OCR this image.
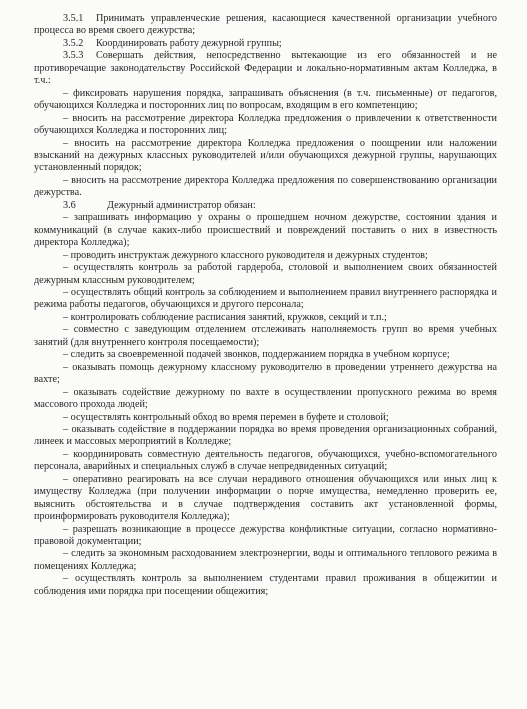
3.5.1 Принимать управленческие решения, касающиеся качественной организации учебного процесса во время своего дежурства;

3.5.2 Координировать работу дежурной группы;

3.5.3 Совершать действия, непосредственно вытекающие из его обязанностей и не противоречащие законодательству Российской Федерации и локально-нормативным актам Колледжа, в т.ч.:

– фиксировать нарушения порядка, запрашивать объяснения (в т.ч. письменные) от педагогов, обучающихся Колледжа и посторонних лиц по вопросам, входящим в его компетенцию;

– вносить на рассмотрение директора Колледжа предложения о привлечении к ответственности обучающихся Колледжа и посторонних лиц;

– вносить на рассмотрение директора Колледжа предложения о поощрении или наложении взысканий на дежурных классных руководителей и/или обучающихся дежурной группы, нарушающих установленный порядок;

– вносить на рассмотрение директора Колледжа предложения по совершенствованию организации дежурства.

3.6	Дежурный администратор обязан:

– запрашивать информацию у охраны о прошедшем ночном дежурстве, состоянии здания и коммуникаций (в случае каких-либо происшествий и повреждений поставить о них в известность директора Колледжа);

– проводить инструктаж дежурного классного руководителя и дежурных студентов;

– осуществлять контроль за работой гардероба, столовой и выполнением своих обязанностей дежурным классным руководителем;

– осуществлять общий контроль за соблюдением и выполнением правил внутреннего распорядка и режима работы педагогов, обучающихся и другого персонала;

– контролировать соблюдение расписания занятий, кружков, секций и т.п.;

– совместно с заведующим отделением отслеживать наполняемость групп во время учебных занятий (для внутреннего контроля посещаемости);

– следить за своевременной подачей звонков, поддержанием порядка в учебном корпусе;

– оказывать помощь дежурному классному руководителю в проведении утреннего дежурства на вахте;

– оказывать содействие дежурному по вахте в осуществлении пропускного режима во время массового прохода людей;

– осуществлять контрольный обход во время перемен в буфете и столовой;

– оказывать содействие в поддержании порядка во время проведения организационных собраний, линеек и массовых мероприятий в Колледже;

– координировать совместную деятельность педагогов, обучающихся, учебно-вспомогательного персонала, аварийных и специальных служб в случае непредвиденных ситуаций;

– оперативно реагировать на все случаи нерадивого отношения обучающихся или иных лиц к имуществу Колледжа (при получении информации о порче имущества, немедленно проверить ее, выяснить обстоятельства и в случае подтверждения составить акт установленной формы, проинформировать руководителя Колледжа);

– разрешать возникающие в процессе дежурства конфликтные ситуации, согласно нормативно-правовой документации;

– следить за экономным расходованием электроэнергии, воды и оптимального теплового режима в помещениях Колледжа;

– осуществлять контроль за выполнением студентами правил проживания в общежитии и соблюдения ими порядка при посещении общежития;
